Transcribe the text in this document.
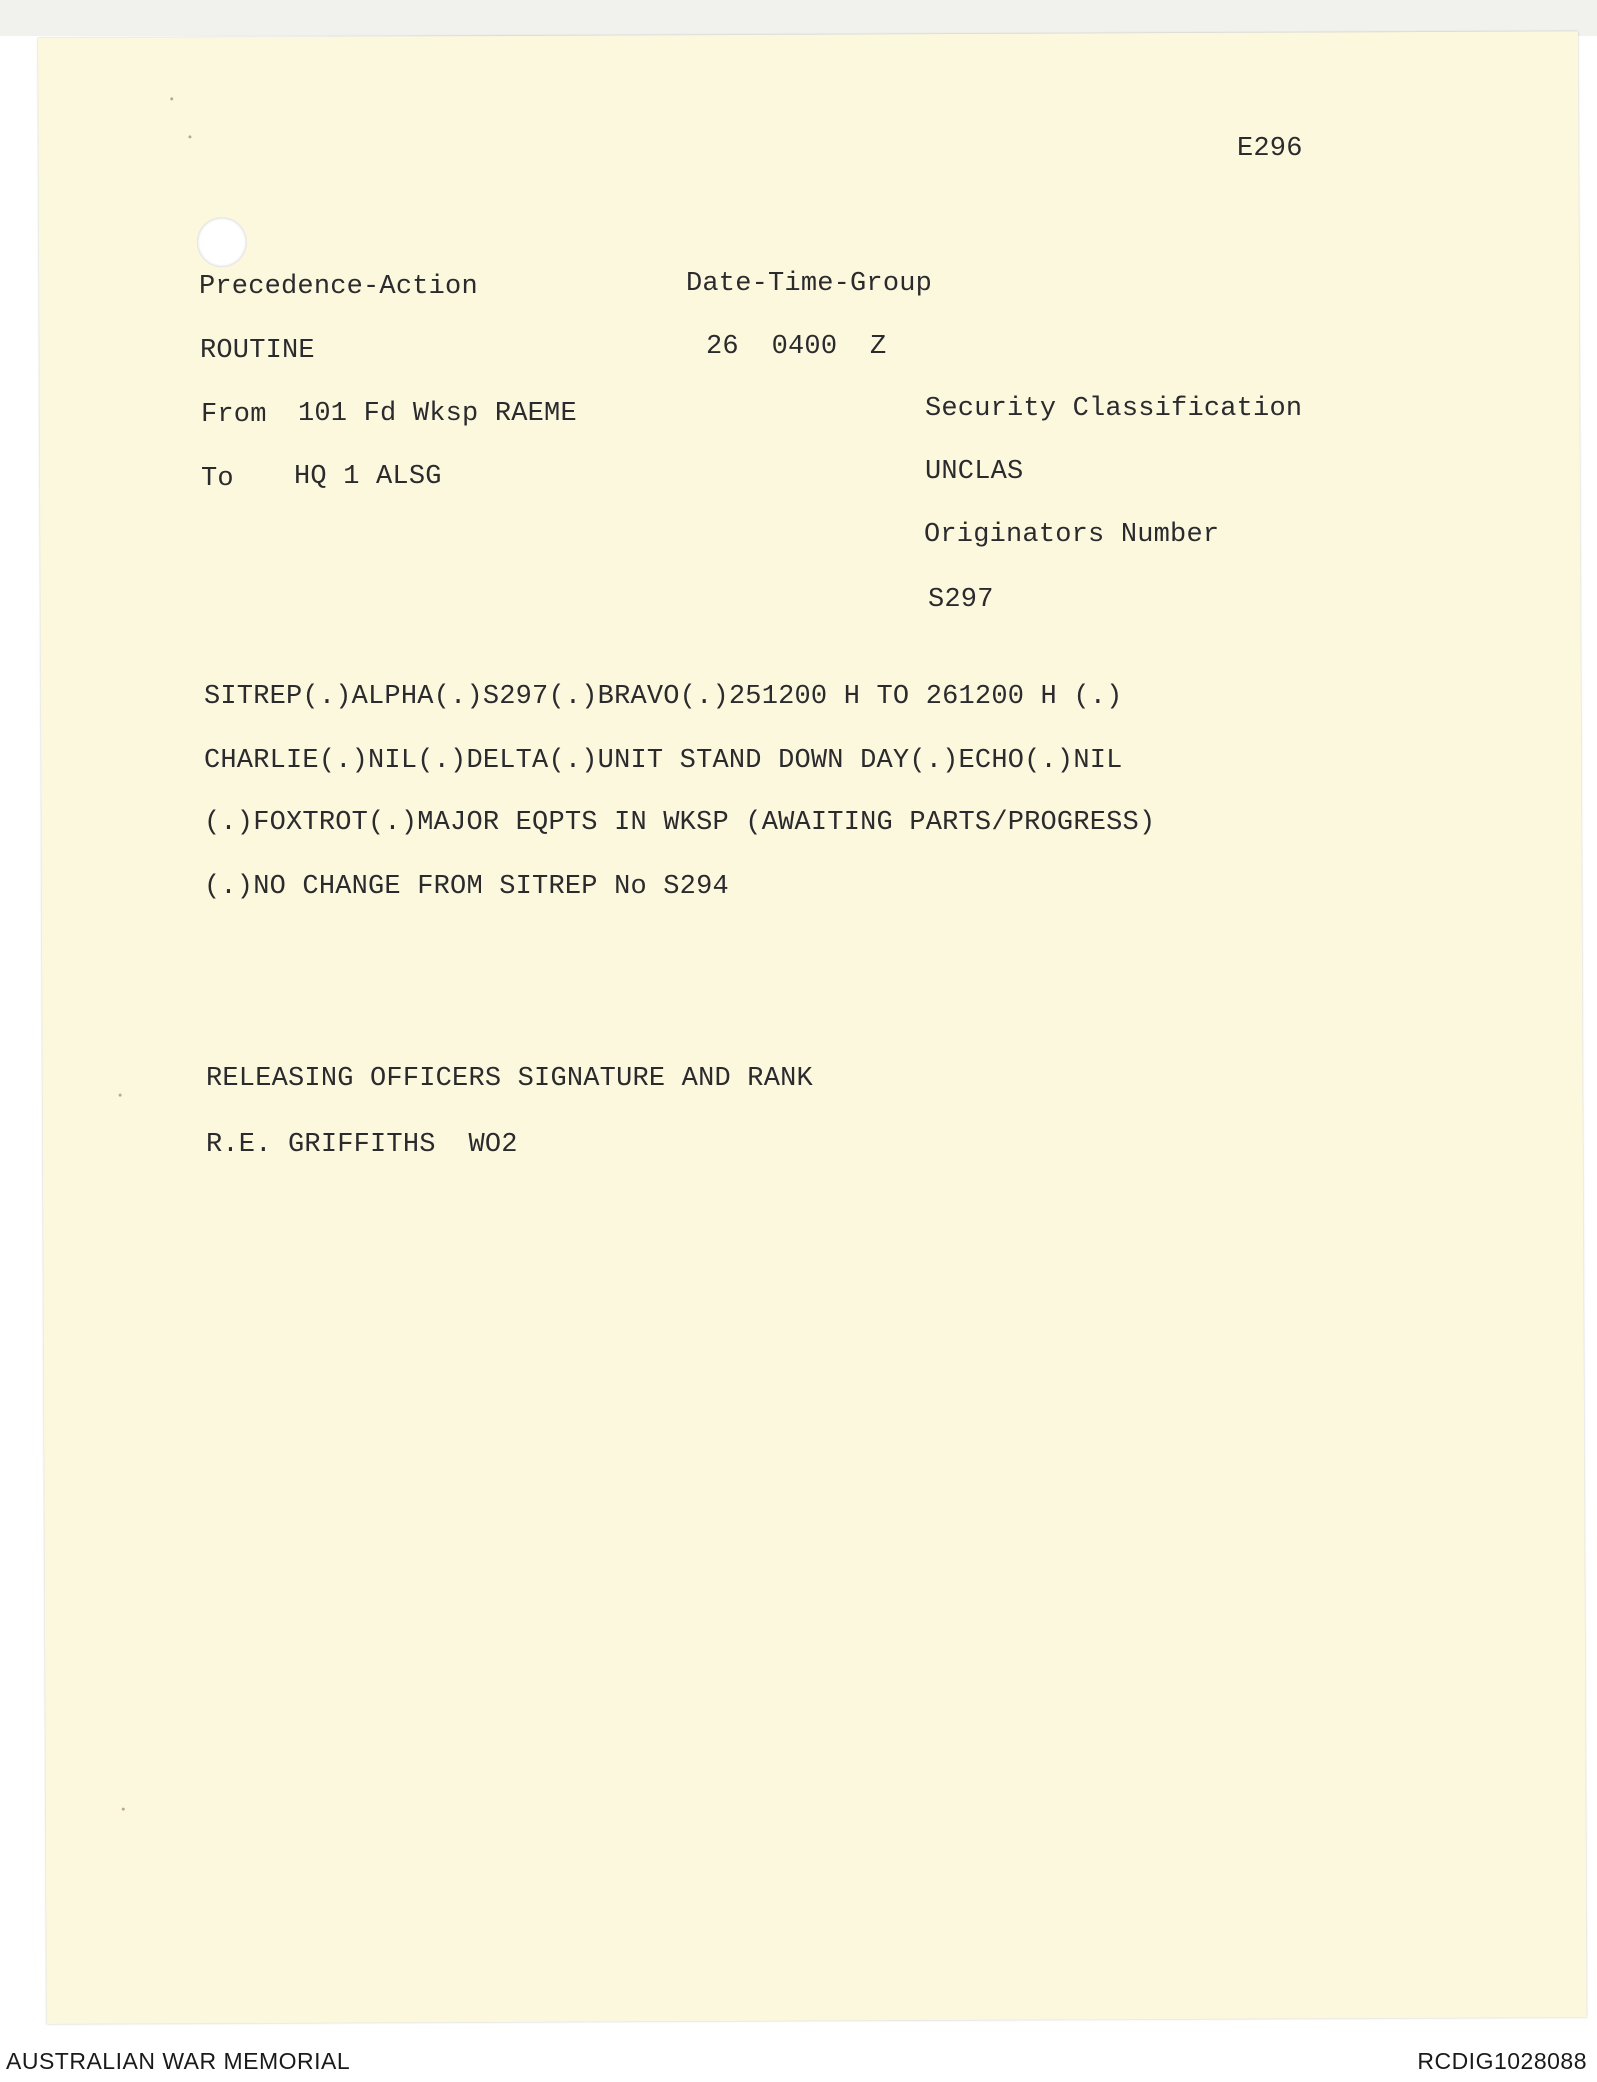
E296
Precedence-Action	Date-Time-Group
ROUTINE	26  0400  Z
From 101 Fd Wksp RAEME	Security Classification
To HQ 1 ALSG	UNCLAS
Originators Number
S297
SITREP(.)ALPHA(.)S297(.)BRAVO(.)251200 H TO 261200 H (.)
CHARLIE(.)NIL(.)DELTA(.)UNIT STAND DOWN DAY(.)ECHO(.)NIL
(.)FOXTROT(.)MAJOR EQPTS IN WKSP (AWAITING PARTS/PROGRESS)
(.)NO CHANGE FROM SITREP No S294
RELEASING OFFICERS SIGNATURE AND RANK
R.E. GRIFFITHS  WO2
AUSTRALIAN WAR MEMORIAL	RCDIG1028088
